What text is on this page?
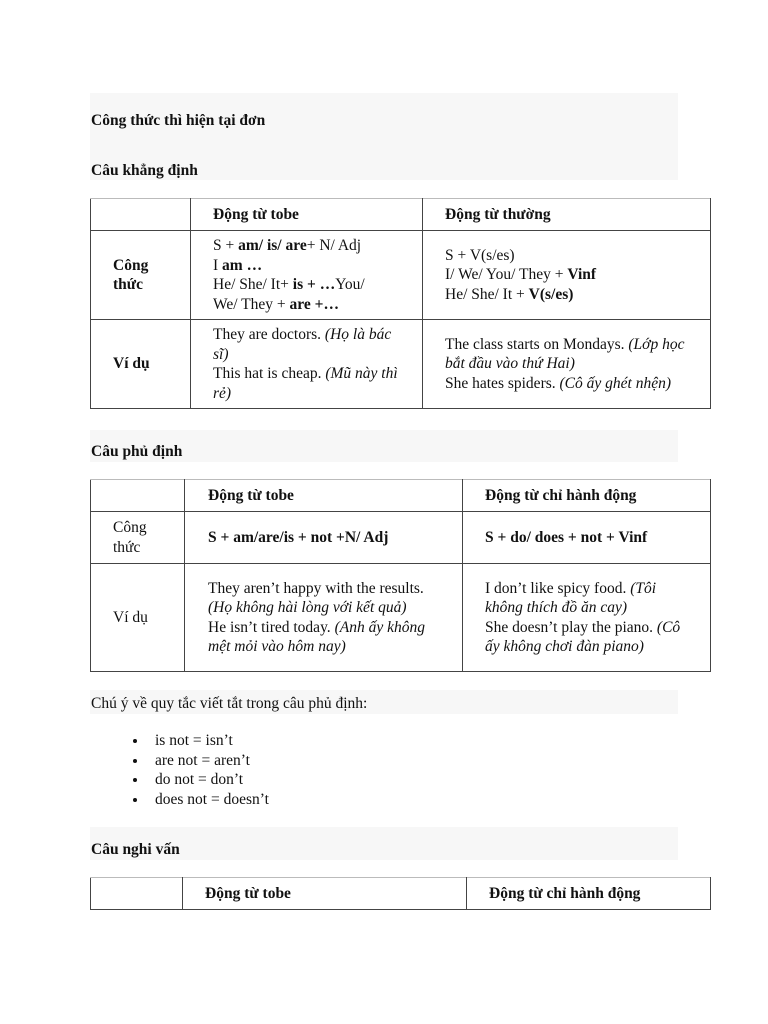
Công thức thì hiện tại đơn
Câu khẳng định
	Động từ tobe	Động từ thường
Công thức	S + am/ is/ are+ N/ Adj
I am …
He/ She/ It+ is + …You/
We/ They + are +…	S + V(s/es)
I/ We/ You/ They + Vinf
He/ She/ It + V(s/es)
Ví dụ	They are doctors. (Họ là bác sĩ)
This hat is cheap. (Mũ này thì rẻ)	The class starts on Mondays. (Lớp học bắt đầu vào thứ Hai)
She hates spiders. (Cô ấy ghét nhện)
Câu phủ định
	Động từ tobe	Động từ chỉ hành động
Công thức	S + am/are/is + not +N/ Adj	S + do/ does + not + Vinf
Ví dụ	They aren’t happy with the results. (Họ không hài lòng với kết quả)
He isn’t tired today. (Anh ấy không mệt mỏi vào hôm nay)	I don’t like spicy food. (Tôi không thích đồ ăn cay)
She doesn’t play the piano. (Cô ấy không chơi đàn piano)
Chú ý về quy tắc viết tắt trong câu phủ định:
• is not = isn’t
• are not = aren’t
• do not = don’t
• does not = doesn’t
Câu nghi vấn
	Động từ tobe	Động từ chỉ hành động
